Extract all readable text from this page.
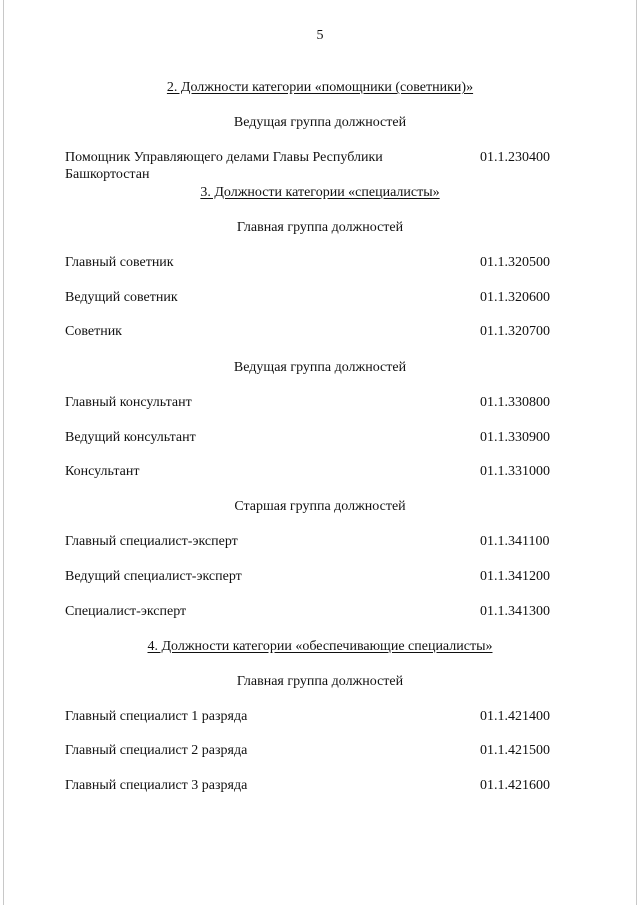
5
2. Должности категории «помощники (советники)»
Ведущая группа должностей
Помощник Управляющего делами Главы Республики	01.1.230400
Башкортостан
3. Должности категории «специалисты»
Главная группа должностей
Главный советник	01.1.320500
Ведущий советник	01.1.320600
Советник	01.1.320700
Ведущая группа должностей
Главный консультант	01.1.330800
Ведущий консультант	01.1.330900
Консультант	01.1.331000
Старшая группа должностей
Главный специалист-эксперт	01.1.341100
Ведущий специалист-эксперт	01.1.341200
Специалист-эксперт	01.1.341300
4. Должности категории «обеспечивающие специалисты»
Главная группа должностей
Главный специалист 1 разряда	01.1.421400
Главный специалист 2 разряда	01.1.421500
Главный специалист 3 разряда	01.1.421600
